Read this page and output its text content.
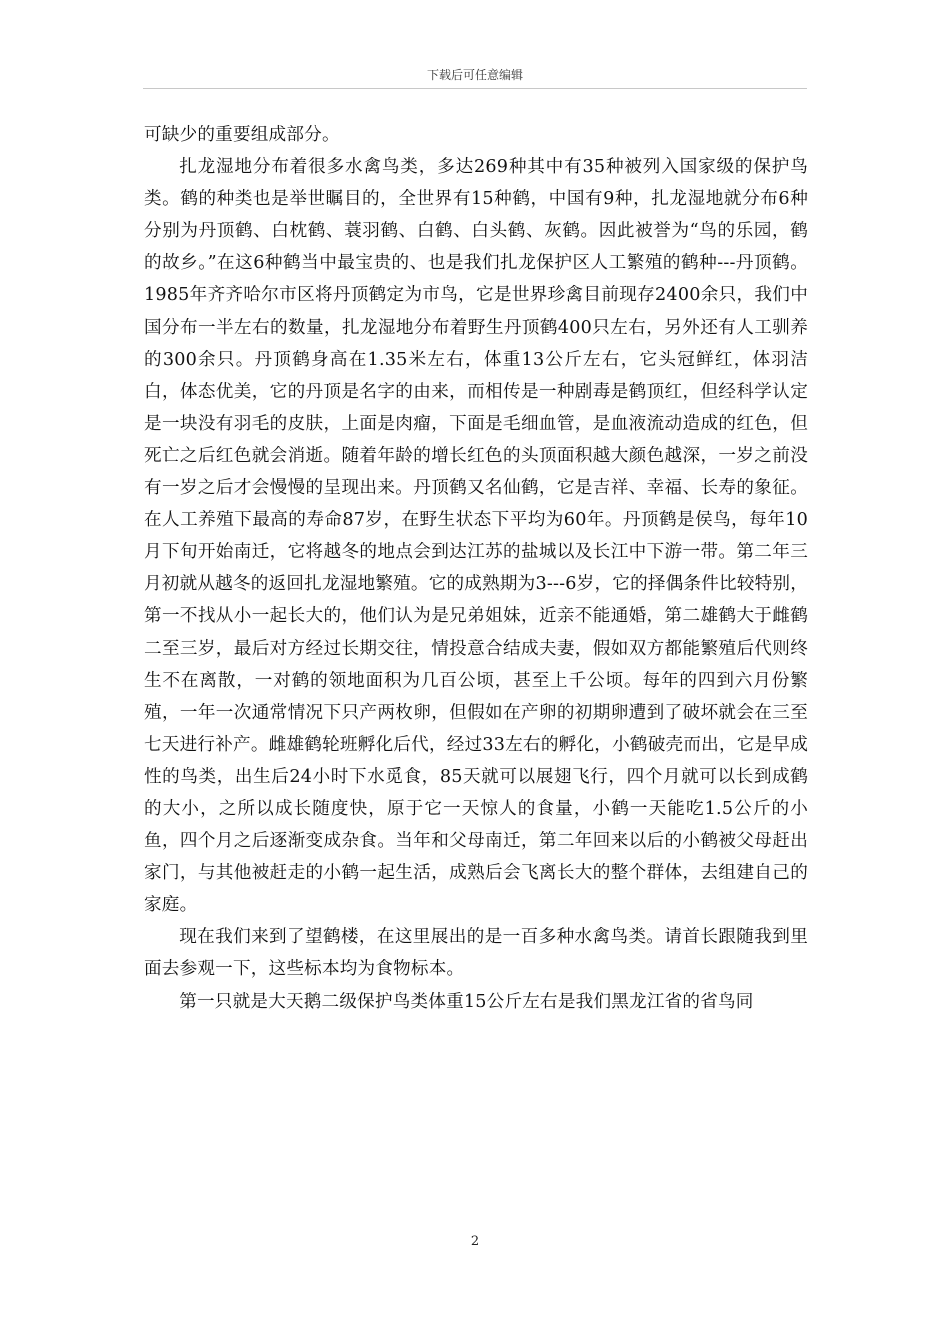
下载后可任意编辑

可缺少的重要组成部分。

扎龙湿地分布着很多水禽鸟类，多达269种其中有35种被列入国家级的保护鸟类。鹤的种类也是举世瞩目的，全世界有15种鹤，中国有9种，扎龙湿地就分布6种分别为丹顶鹤、白枕鹤、蓑羽鹤、白鹤、白头鹤、灰鹤。因此被誉为“鸟的乐园，鹤的故乡。”在这6种鹤当中最宝贵的、也是我们扎龙保护区人工繁殖的鹤种---丹顶鹤。1985年齐齐哈尔市区将丹顶鹤定为市鸟，它是世界珍禽目前现存2400余只，我们中国分布一半左右的数量，扎龙湿地分布着野生丹顶鹤400只左右，另外还有人工驯养的300余只。丹顶鹤身高在1.35米左右，体重13公斤左右，它头冠鲜红，体羽洁白，体态优美，它的丹顶是名字的由来，而相传是一种剧毒是鹤顶红，但经科学认定是一块没有羽毛的皮肤，上面是肉瘤，下面是毛细血管，是血液流动造成的红色，但死亡之后红色就会消逝。随着年龄的增长红色的头顶面积越大颜色越深，一岁之前没有一岁之后才会慢慢的呈现出来。丹顶鹤又名仙鹤，它是吉祥、幸福、长寿的象征。在人工养殖下最高的寿命87岁，在野生状态下平均为60年。丹顶鹤是侯鸟，每年10月下旬开始南迁，它将越冬的地点会到达江苏的盐城以及长江中下游一带。第二年三月初就从越冬的返回扎龙湿地繁殖。它的成熟期为3---6岁，它的择偶条件比较特别，第一不找从小一起长大的，他们认为是兄弟姐妹，近亲不能通婚，第二雄鹤大于雌鹤二至三岁，最后对方经过长期交往，情投意合结成夫妻，假如双方都能繁殖后代则终生不在离散，一对鹤的领地面积为几百公顷，甚至上千公顷。每年的四到六月份繁殖，一年一次通常情况下只产两枚卵，但假如在产卵的初期卵遭到了破坏就会在三至七天进行补产。雌雄鹤轮班孵化后代，经过33左右的孵化，小鹤破壳而出，它是早成性的鸟类，出生后24小时下水觅食，85天就可以展翅飞行，四个月就可以长到成鹤的大小，之所以成长随度快，原于它一天惊人的食量，小鹤一天能吃1.5公斤的小鱼，四个月之后逐渐变成杂食。当年和父母南迁，第二年回来以后的小鹤被父母赶出家门，与其他被赶走的小鹤一起生活，成熟后会飞离长大的整个群体，去组建自己的家庭。

现在我们来到了望鹤楼，在这里展出的是一百多种水禽鸟类。请首长跟随我到里面去参观一下，这些标本均为食物标本。

第一只就是大天鹅二级保护鸟类体重15公斤左右是我们黑龙江省的省鸟同

2
